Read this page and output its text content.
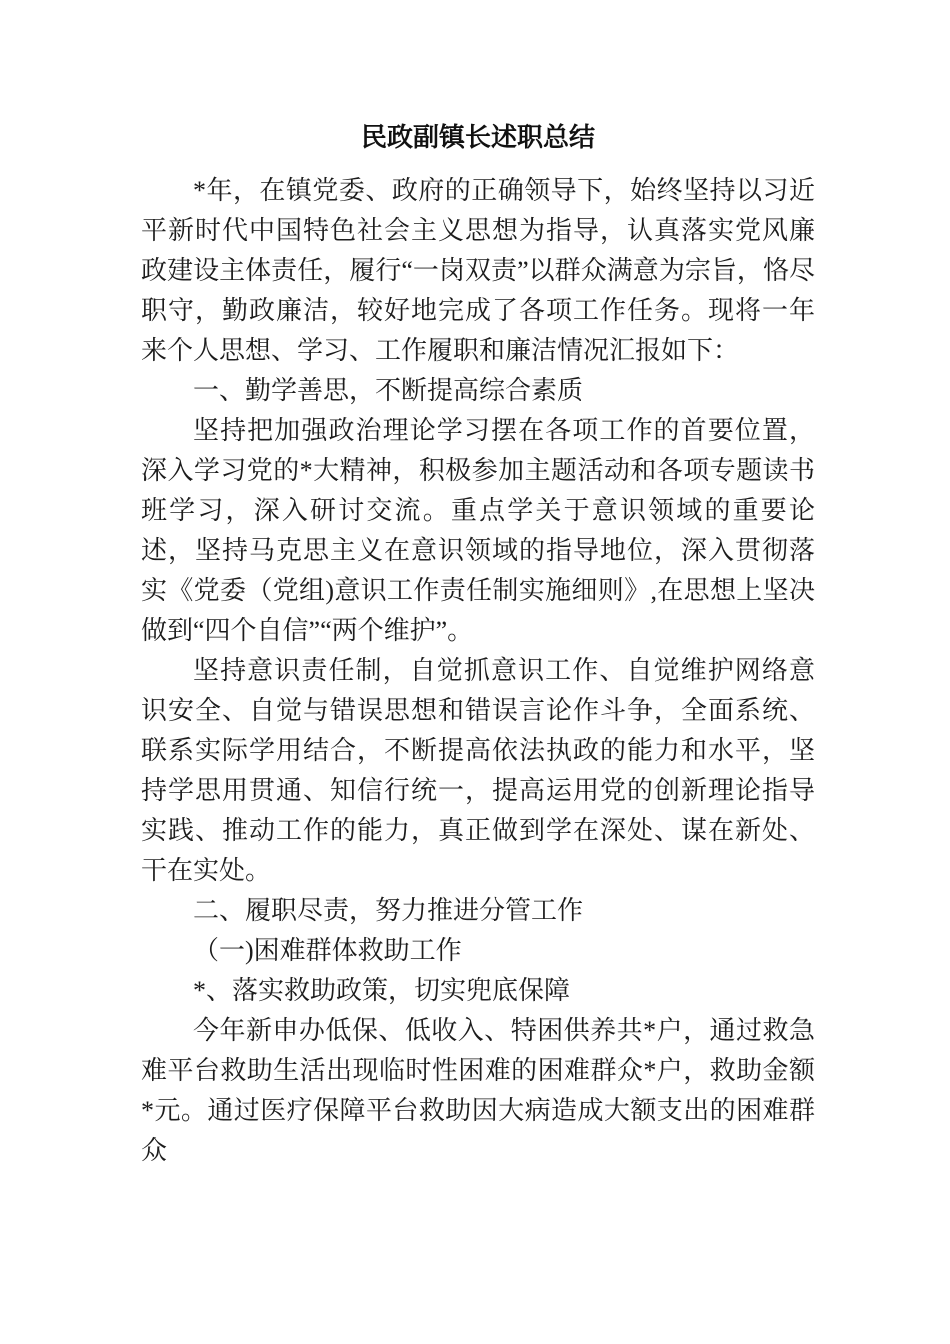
民政副镇长述职总结

*年，在镇党委、政府的正确领导下，始终坚持以习近平新时代中国特色社会主义思想为指导，认真落实党风廉政建设主体责任，履行“一岗双责”以群众满意为宗旨，恪尽职守，勤政廉洁，较好地完成了各项工作任务。现将一年来个人思想、学习、工作履职和廉洁情况汇报如下：

一、勤学善思，不断提高综合素质

坚持把加强政治理论学习摆在各项工作的首要位置，深入学习党的*大精神，积极参加主题活动和各项专题读书班学习，深入研讨交流。重点学关于意识领域的重要论述，坚持马克思主义在意识领域的指导地位，深入贯彻落实《党委（党组)意识工作责任制实施细则》,在思想上坚决做到“四个自信”“两个维护”。

坚持意识责任制，自觉抓意识工作、自觉维护网络意识安全、自觉与错误思想和错误言论作斗争，全面系统、联系实际学用结合，不断提高依法执政的能力和水平，坚持学思用贯通、知信行统一，提高运用党的创新理论指导实践、推动工作的能力，真正做到学在深处、谋在新处、干在实处。

二、履职尽责，努力推进分管工作

（一)困难群体救助工作

*、落实救助政策，切实兜底保障

今年新申办低保、低收入、特困供养共*户，通过救急难平台救助生活出现临时性困难的困难群众*户，救助金额*元。通过医疗保障平台救助因大病造成大额支出的困难群众
